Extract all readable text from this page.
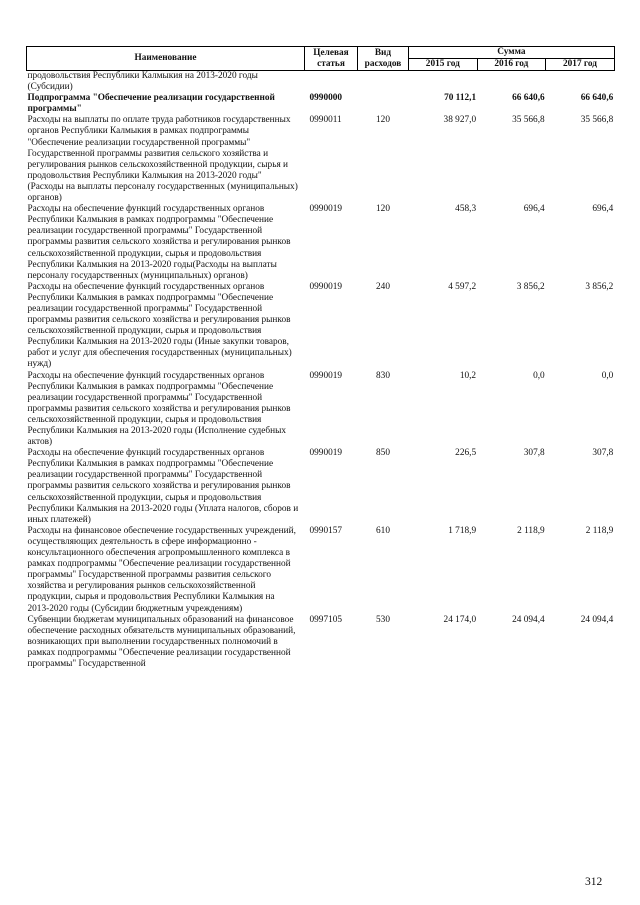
Наименование	Целевая статья	Вид расходов	Сумма		
			2015 год	2016 год	2017 год
продовольствия Республики Калмыкия на 2013-2020 годы (Субсидии)					
Подпрограмма "Обеспечение реализации государственной программы"	0990000		70 112,1	66 640,6	66 640,6
Расходы на выплаты по оплате труда работников государственных органов Республики Калмыкия в рамках подпрограммы "Обеспечение реализации государственной программы" Государственной программы развития сельского хозяйства и регулирования рынков сельскохозяйственной продукции, сырья и продовольствия Республики Калмыкия на 2013-2020 годы" (Расходы на выплаты персоналу государственных (муниципальных) органов)	0990011	120	38 927,0	35 566,8	35 566,8
Расходы на обеспечение функций государственных органов Республики Калмыкия в рамках подпрограммы "Обеспечение реализации государственной программы" Государственной программы развития сельского хозяйства и регулирования рынков сельскохозяйственной продукции, сырья и продовольствия Республики Калмыкия на 2013-2020 годы(Расходы на выплаты персоналу государственных (муниципальных) органов)	0990019	120	458,3	696,4	696,4
Расходы на обеспечение функций государственных органов Республики Калмыкия в рамках подпрограммы "Обеспечение реализации государственной программы" Государственной программы развития сельского хозяйства и регулирования рынков сельскохозяйственной продукции, сырья и продовольствия Республики Калмыкия на 2013-2020 годы (Иные закупки товаров, работ и услуг для обеспечения государственных (муниципальных) нужд)	0990019	240	4 597,2	3 856,2	3 856,2
Расходы на обеспечение функций государственных органов Республики Калмыкия в рамках подпрограммы "Обеспечение реализации государственной программы" Государственной программы развития сельского хозяйства и регулирования рынков сельскохозяйственной продукции, сырья и продовольствия Республики Калмыкия на 2013-2020 годы (Исполнение судебных актов)	0990019	830	10,2	0,0	0,0
Расходы на обеспечение функций государственных органов Республики Калмыкия в рамках подпрограммы "Обеспечение реализации государственной программы" Государственной программы развития сельского хозяйства и регулирования рынков сельскохозяйственной продукции, сырья и продовольствия Республики Калмыкия на 2013-2020 годы (Уплата налогов, сборов и иных платежей)	0990019	850	226,5	307,8	307,8
Расходы на финансовое обеспечение государственных учреждений, осуществляющих деятельность в сфере информационно - консультационного обеспечения агропромышленного комплекса в рамках подпрограммы "Обеспечение реализации государственной программы" Государственной программы развития сельского хозяйства и регулирования рынков сельскохозяйственной продукции, сырья и продовольствия Республики Калмыкия на 2013-2020 годы (Субсидии бюджетным учреждениям)	0990157	610	1 718,9	2 118,9	2 118,9
Субвенции бюджетам муниципальных образований на финансовое обеспечение расходных обязательств муниципальных образований, возникающих при выполнении государственных полномочий в рамках подпрограммы "Обеспечение реализации государственной программы" Государственной	0997105	530	24 174,0	24 094,4	24 094,4
312
